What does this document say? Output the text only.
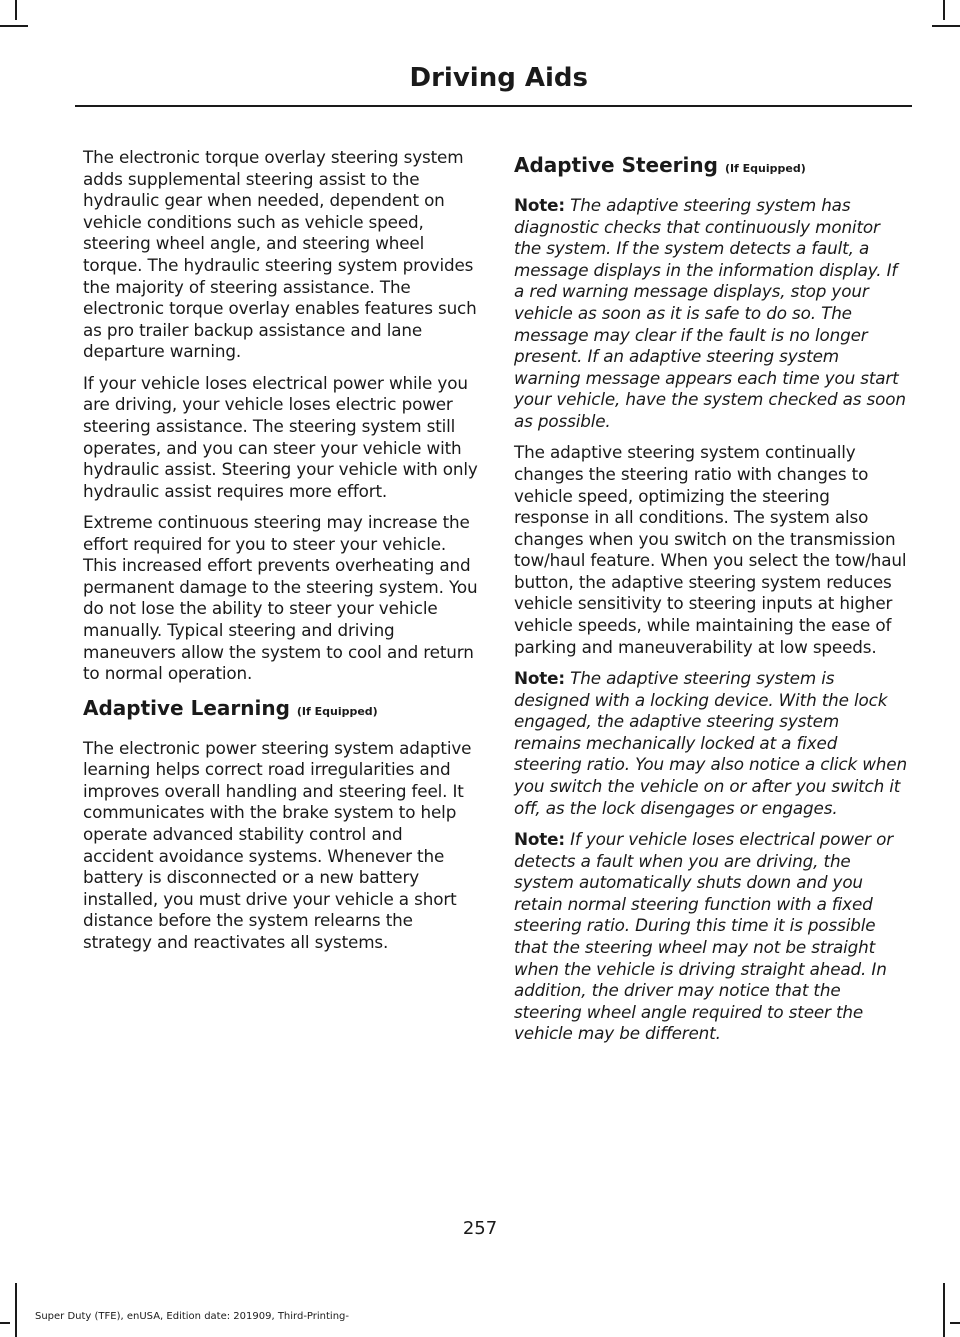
Driving Aids

The electronic torque overlay steering system adds supplemental steering assist to the hydraulic gear when needed, dependent on vehicle conditions such as vehicle speed, steering wheel angle, and steering wheel torque. The hydraulic steering system provides the majority of steering assistance. The electronic torque overlay enables features such as pro trailer backup assistance and lane departure warning.

If your vehicle loses electrical power while you are driving, your vehicle loses electric power steering assistance. The steering system still operates, and you can steer your vehicle with hydraulic assist. Steering your vehicle with only hydraulic assist requires more effort.

Extreme continuous steering may increase the effort required for you to steer your vehicle. This increased effort prevents overheating and permanent damage to the steering system. You do not lose the ability to steer your vehicle manually. Typical steering and driving maneuvers allow the system to cool and return to normal operation.

Adaptive Learning (If Equipped)

The electronic power steering system adaptive learning helps correct road irregularities and improves overall handling and steering feel. It communicates with the brake system to help operate advanced stability control and accident avoidance systems. Whenever the battery is disconnected or a new battery installed, you must drive your vehicle a short distance before the system relearns the strategy and reactivates all systems.

Adaptive Steering (If Equipped)

Note: The adaptive steering system has diagnostic checks that continuously monitor the system. If the system detects a fault, a message displays in the information display. If a red warning message displays, stop your vehicle as soon as it is safe to do so. The message may clear if the fault is no longer present. If an adaptive steering system warning message appears each time you start your vehicle, have the system checked as soon as possible.

The adaptive steering system continually changes the steering ratio with changes to vehicle speed, optimizing the steering response in all conditions. The system also changes when you switch on the transmission tow/haul feature. When you select the tow/haul button, the adaptive steering system reduces vehicle sensitivity to steering inputs at higher vehicle speeds, while maintaining the ease of parking and maneuverability at low speeds.

Note: The adaptive steering system is designed with a locking device. With the lock engaged, the adaptive steering system remains mechanically locked at a fixed steering ratio. You may also notice a click when you switch the vehicle on or after you switch it off, as the lock disengages or engages.

Note: If your vehicle loses electrical power or detects a fault when you are driving, the system automatically shuts down and you retain normal steering function with a fixed steering ratio. During this time it is possible that the steering wheel may not be straight when the vehicle is driving straight ahead. In addition, the driver may notice that the steering wheel angle required to steer the vehicle may be different.

257

Super Duty (TFE), enUSA, Edition date: 201909, Third-Printing-
